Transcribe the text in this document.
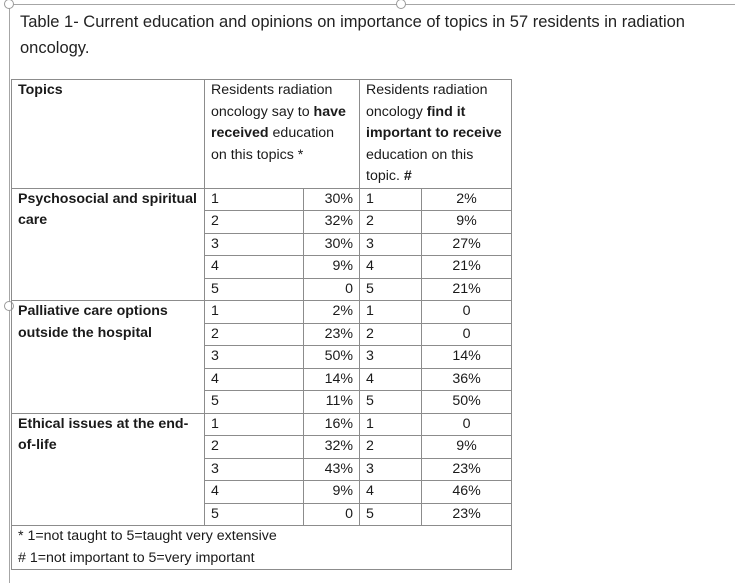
Table 1- Current education and opinions on importance of topics in 57 residents in radiation oncology.
Topics	Residents radiation oncology say to have received education on this topics *		Residents radiation oncology find it important to receive education on this topic. #	
Psychosocial and spiritual care	1	30%	1	2%
	2	32%	2	9%
	3	30%	3	27%
	4	9%	4	21%
	5	0	5	21%
Palliative care options outside the hospital	1	2%	1	0
	2	23%	2	0
	3	50%	3	14%
	4	14%	4	36%
	5	11%	5	50%
Ethical issues at the end-of-life	1	16%	1	0
	2	32%	2	9%
	3	43%	3	23%
	4	9%	4	46%
	5	0	5	23%

* 1=not taught to 5=taught very extensive
# 1=not important to 5=very important				
